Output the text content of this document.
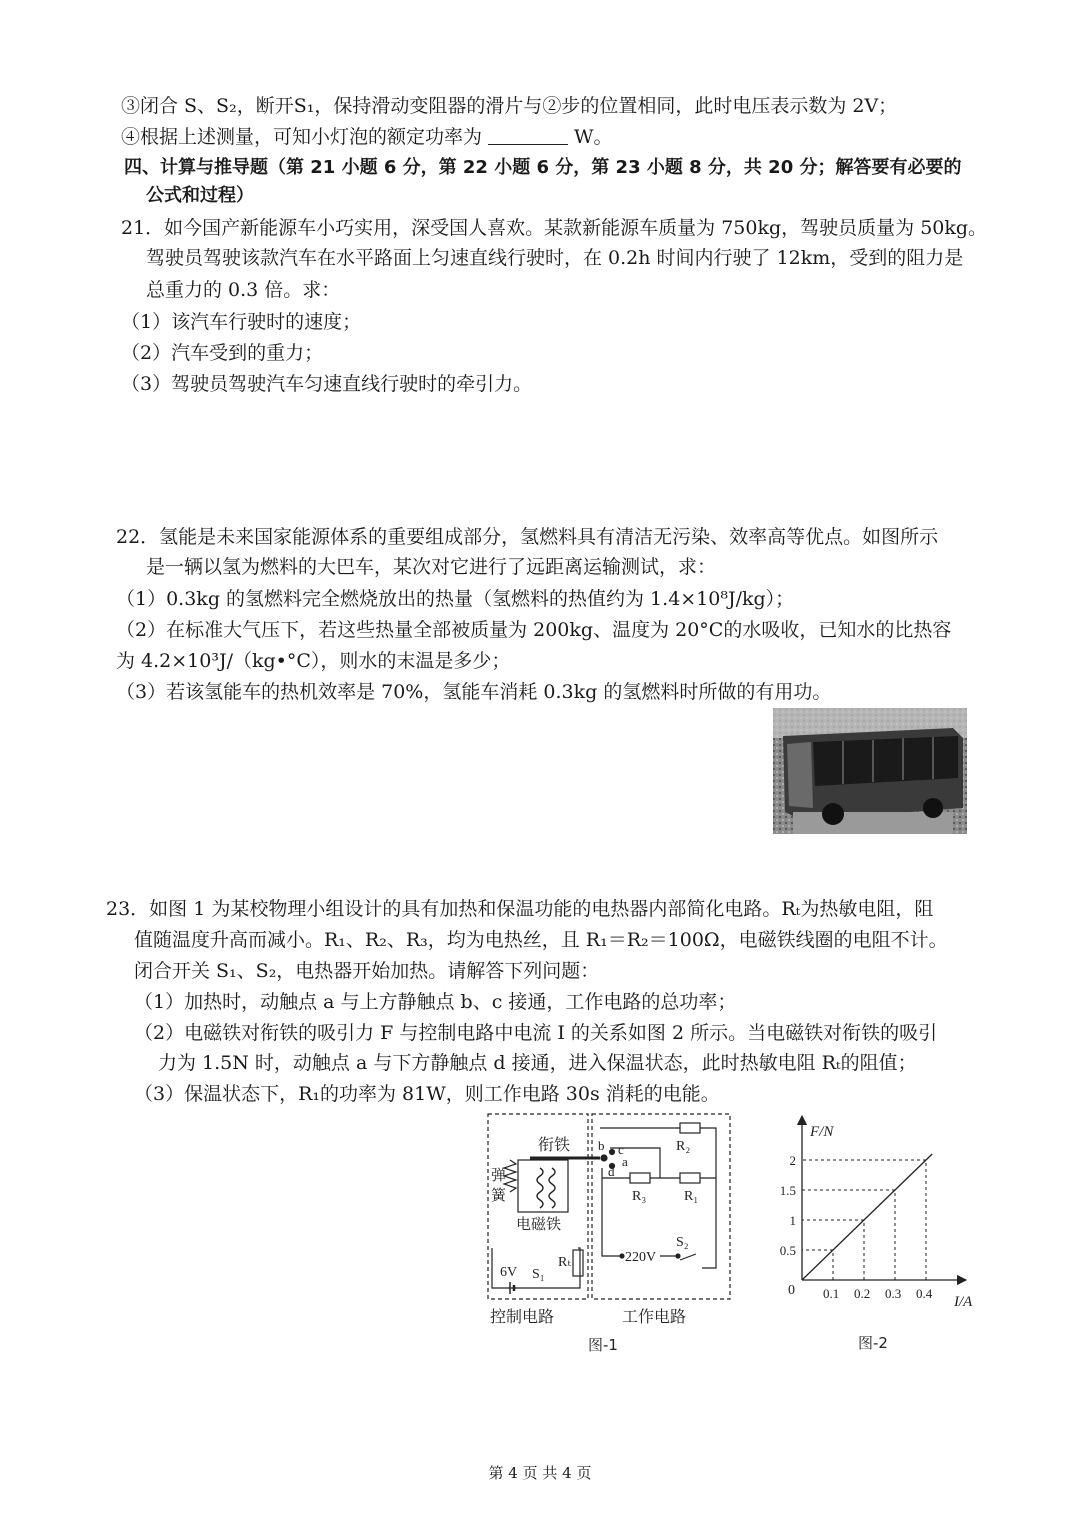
③闭合 S、S₂，断开S₁，保持滑动变阻器的滑片与②步的位置相同，此时电压表示数为 2V；
④根据上述测量，可知小灯泡的额定功率为	W。
四、计算与推导题（第 21 小题 6 分，第 22 小题 6 分，第 23 小题 8 分，共 20 分；解答要有必要的
公式和过程）
21．如今国产新能源车小巧实用，深受国人喜欢。某款新能源车质量为 750kg，驾驶员质量为 50kg。
驾驶员驾驶该款汽车在水平路面上匀速直线行驶时，在 0.2h 时间内行驶了 12km，受到的阻力是
总重力的 0.3 倍。求：
（1）该汽车行驶时的速度；
（2）汽车受到的重力；
（3）驾驶员驾驶汽车匀速直线行驶时的牵引力。
22．氢能是未来国家能源体系的重要组成部分，氢燃料具有清洁无污染、效率高等优点。如图所示
是一辆以氢为燃料的大巴车，某次对它进行了远距离运输测试，求：
（1）0.3kg 的氢燃料完全燃烧放出的热量（氢燃料的热值约为 1.4×10⁸J/kg）；
（2）在标准大气压下，若这些热量全部被质量为 200kg、温度为 20°C的水吸收，已知水的比热容
为 4.2×10³J/（kg•°C），则水的末温是多少；
（3）若该氢能车的热机效率是 70%，氢能车消耗 0.3kg 的氢燃料时所做的有用功。
23．如图 1 为某校物理小组设计的具有加热和保温功能的电热器内部简化电路。Rₜ为热敏电阻，阻
值随温度升高而减小。R₁、R₂、R₃，均为电热丝，且 R₁＝R₂＝100Ω，电磁铁线圈的电阻不计。
闭合开关 S₁、S₂，电热器开始加热。请解答下列问题：
（1）加热时，动触点 a 与上方静触点 b、c 接通，工作电路的总功率；
（2）电磁铁对衔铁的吸引力 F 与控制电路中电流 I 的关系如图 2 所示。当电磁铁对衔铁的吸引
力为 1.5N 时，动触点 a 与下方静触点 d 接通，进入保温状态，此时热敏电阻 Rₜ的阻值；
（3）保温状态下，R₁的功率为 81W，则工作电路 30s 消耗的电能。
衔铁 b c
a
d
弹
簧
电磁铁
R₂
R₃	R₁
Rₜ
6V S₁
220V
S₂
控制电路	工作电路
图-1
0.1 0.2 0.3 0.4
0.5
1
1.5
2
F/N
I/A
0
图-2
第 4 页 共 4 页
